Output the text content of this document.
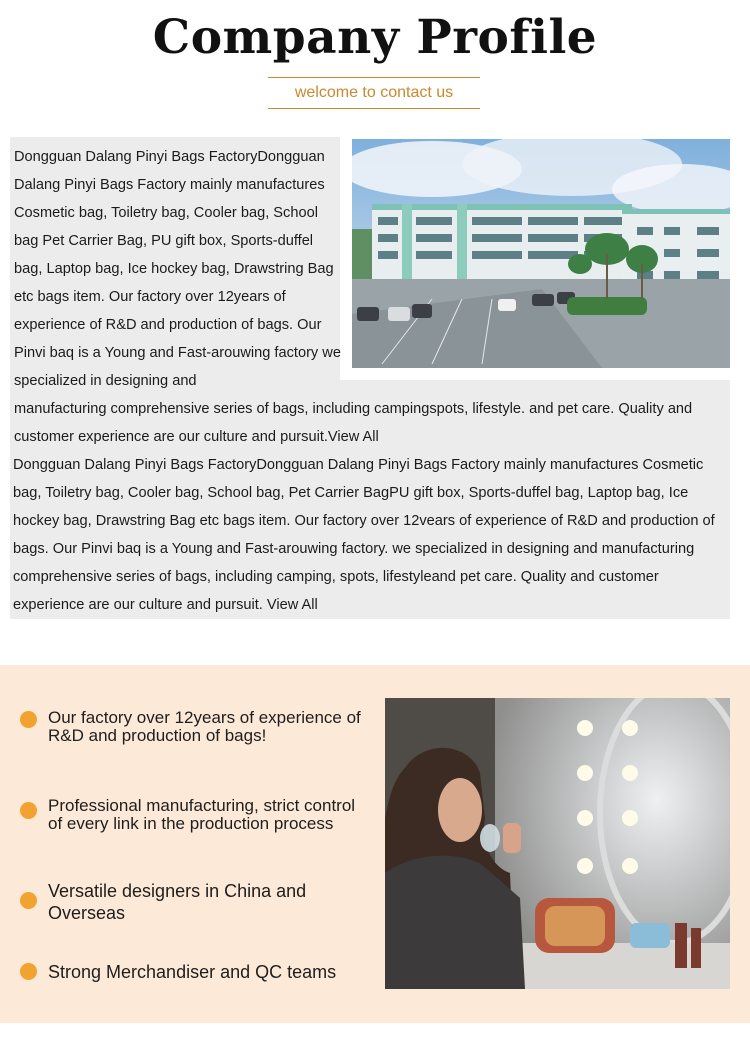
Company Profile
welcome to contact us
Dongguan Dalang Pinyi Bags FactoryDongguan Dalang Pinyi Bags Factory mainly manufactures Cosmetic bag, Toiletry bag, Cooler bag, School bag Pet Carrier Bag, PU gift box, Sports-duffel bag, Laptop bag, Ice hockey bag, Drawstring Bag etc bags item. Our factory over 12years of experience of R&D and production of bags. Our Pinvi baq is a Young and Fast-arouwing factory we specialized in designing and
manufacturing comprehensive series of bags, including campingspots, lifestyle. and pet care. Quality and customer experience are our culture and pursuit.View All
Dongguan Dalang Pinyi Bags FactoryDongguan Dalang Pinyi Bags Factory mainly manufactures Cosmetic bag, Toiletry bag, Cooler bag, School bag, Pet Carrier BagPU gift box, Sports-duffel bag, Laptop bag, Ice hockey bag, Drawstring Bag etc bags item. Our factory over 12vears of experience of R&D and production of bags. Our Pinvi baq is a Young and Fast-arouwing factory. we specialized in designing and manufacturing comprehensive series of bags, including camping, spots, lifestyleand pet care. Quality and customer experience are our culture and pursuit. View All
Our factory over 12years of experience of R&D and production of bags!
Professional manufacturing, strict control of every link in the production process
Versatile designers in China and Overseas
Strong Merchandiser and QC teams
